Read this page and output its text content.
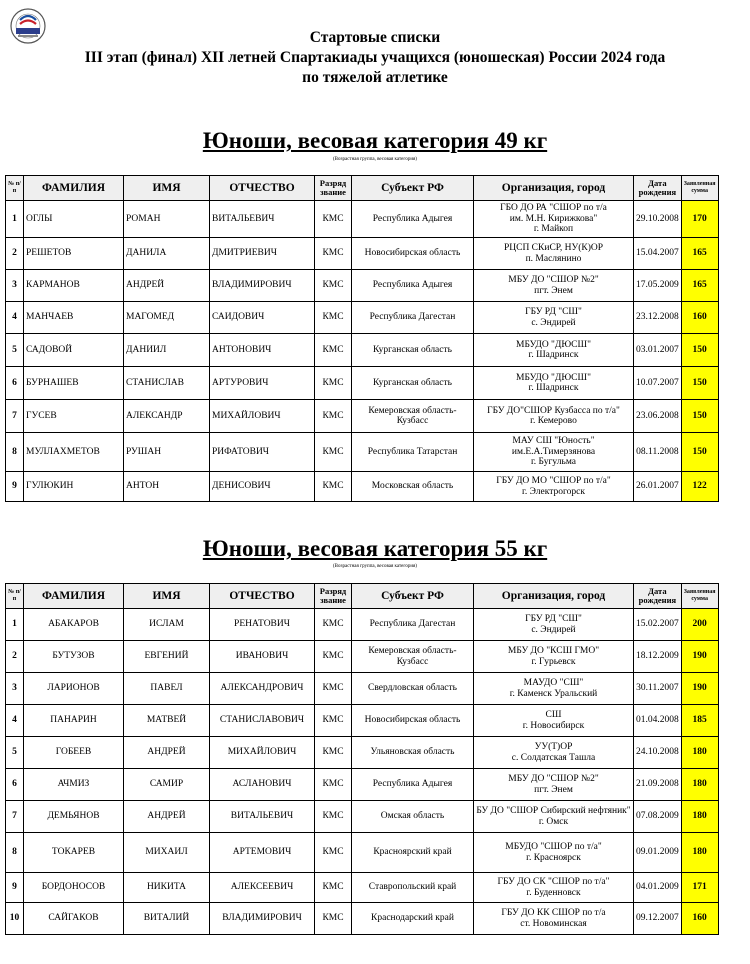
Стартовые списки
III этап (финал) XII летней Спартакиады учащихся (юношеская) России 2024 года
по тяжелой атлетике
Юноши, весовая категория 49 кг
(Возрастная группа, весовая категория)
№ п/п	ФАМИЛИЯ	ИМЯ	ОТЧЕСТВО	Разряд звание	Субъект РФ	Организация, город	Дата рождения	Заявленная сумма
1	ОГЛЫ	РОМАН	ВИТАЛЬЕВИЧ	КМС	Республика Адыгея	ГБО ДО РА "СШОР по т/а
им. М.Н. Кирижкова"
г. Майкоп	29.10.2008	170
2	РЕШЕТОВ	ДАНИЛА	ДМИТРИЕВИЧ	КМС	Новосибирская область	РЦСП СКиСР, НУ(К)ОР
п. Маслянино	15.04.2007	165
3	КАРМАНОВ	АНДРЕЙ	ВЛАДИМИРОВИЧ	КМС	Республика Адыгея	МБУ ДО "СШОР №2"
пгт. Энем	17.05.2009	165
4	МАНЧАЕВ	МАГОМЕД	САИДОВИЧ	КМС	Республика Дагестан	ГБУ РД "СШ"
с. Эндирей	23.12.2008	160
5	САДОВОЙ	ДАНИИЛ	АНТОНОВИЧ	КМС	Курганская область	МБУДО "ДЮСШ"
г. Шадринск	03.01.2007	150
6	БУРНАШЕВ	СТАНИСЛАВ	АРТУРОВИЧ	КМС	Курганская область	МБУДО "ДЮСШ"
г. Шадринск	10.07.2007	150
7	ГУСЕВ	АЛЕКСАНДР	МИХАЙЛОВИЧ	КМС	Кемеровская область-Кузбасс	ГБУ ДО"СШОР Кузбасса по т/а"
г. Кемерово	23.06.2008	150
8	МУЛЛАХМЕТОВ	РУШАН	РИФАТОВИЧ	КМС	Республика Татарстан	МАУ СШ "Юность"
им.Е.А.Тимерзянова
г. Бугульма	08.11.2008	150
9	ГУЛЮКИН	АНТОН	ДЕНИСОВИЧ	КМС	Московская область	ГБУ ДО МО "СШОР по т/а"
г. Электрогорск	26.01.2007	122
Юноши, весовая категория 55 кг
(Возрастная группа, весовая категория)
№ п/п	ФАМИЛИЯ	ИМЯ	ОТЧЕСТВО	Разряд звание	Субъект РФ	Организация, город	Дата рождения	Заявленная сумма
1	АБАКАРОВ	ИСЛАМ	РЕНАТОВИЧ	КМС	Республика Дагестан	ГБУ РД "СШ"
с. Эндирей	15.02.2007	200
2	БУТУЗОВ	ЕВГЕНИЙ	ИВАНОВИЧ	КМС	Кемеровская область-Кузбасс	МБУ ДО "КСШ ГМО"
г. Гурьевск	18.12.2009	190
3	ЛАРИОНОВ	ПАВЕЛ	АЛЕКСАНДРОВИЧ	КМС	Свердловская область	МАУДО "СШ"
г. Каменск Уральский	30.11.2007	190
4	ПАНАРИН	МАТВЕЙ	СТАНИСЛАВОВИЧ	КМС	Новосибирская область	СШ
г. Новосибирск	01.04.2008	185
5	ГОБЕЕВ	АНДРЕЙ	МИХАЙЛОВИЧ	КМС	Ульяновская область	УУ(Т)ОР
с. Солдатская Ташла	24.10.2008	180
6	АЧМИЗ	САМИР	АСЛАНОВИЧ	КМС	Республика Адыгея	МБУ ДО "СШОР №2"
пгт. Энем	21.09.2008	180
7	ДЕМЬЯНОВ	АНДРЕЙ	ВИТАЛЬЕВИЧ	КМС	Омская область	БУ ДО "СШОР Сибирский нефтяник"
г. Омск	07.08.2009	180
8	ТОКАРЕВ	МИХАИЛ	АРТЕМОВИЧ	КМС	Красноярский край	МБУДО "СШОР по т/а"
г. Красноярск	09.01.2009	180
9	БОРДОНОСОВ	НИКИТА	АЛЕКСЕЕВИЧ	КМС	Ставропольский край	ГБУ ДО СК "СШОР по т/а"
г. Буденновск	04.01.2009	171
10	САЙГАКОВ	ВИТАЛИЙ	ВЛАДИМИРОВИЧ	КМС	Краснодарский край	ГБУ ДО КК СШОР по т/а
ст. Новоминская	09.12.2007	160
